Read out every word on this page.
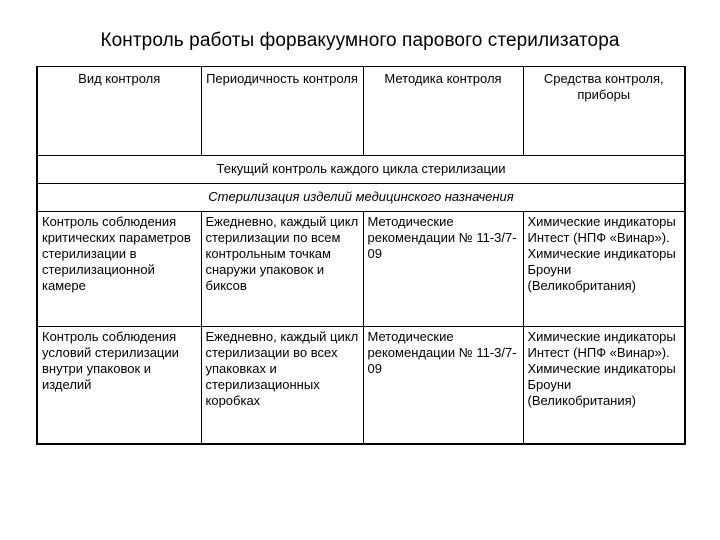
Контроль работы форвакуумного парового стерилизатора
Вид контроля	Периодичность контроля	Методика контроля	Средства контроля, приборы
Текущий контроль каждого цикла стерилизации			
Стерилизация изделий медицинского назначения			
Контроль соблюдения критических параметров стерилизации в стерилизационной камере	Ежедневно, каждый цикл стерилизации по всем контрольным точкам снаружи упаковок и биксов	Методические рекомендации № 11-3/7-09	Химические индикаторы Интест (НПФ «Винар»). Химические индикаторы Броуни (Великобритания)
Контроль соблюдения условий стерилизации внутри упаковок и изделий	Ежедневно, каждый цикл стерилизации во всех упаковках и стерилизационных коробках	Методические рекомендации № 11-3/7-09	Химические индикаторы Интест (НПФ «Винар»). Химические индикаторы Броуни (Великобритания)
